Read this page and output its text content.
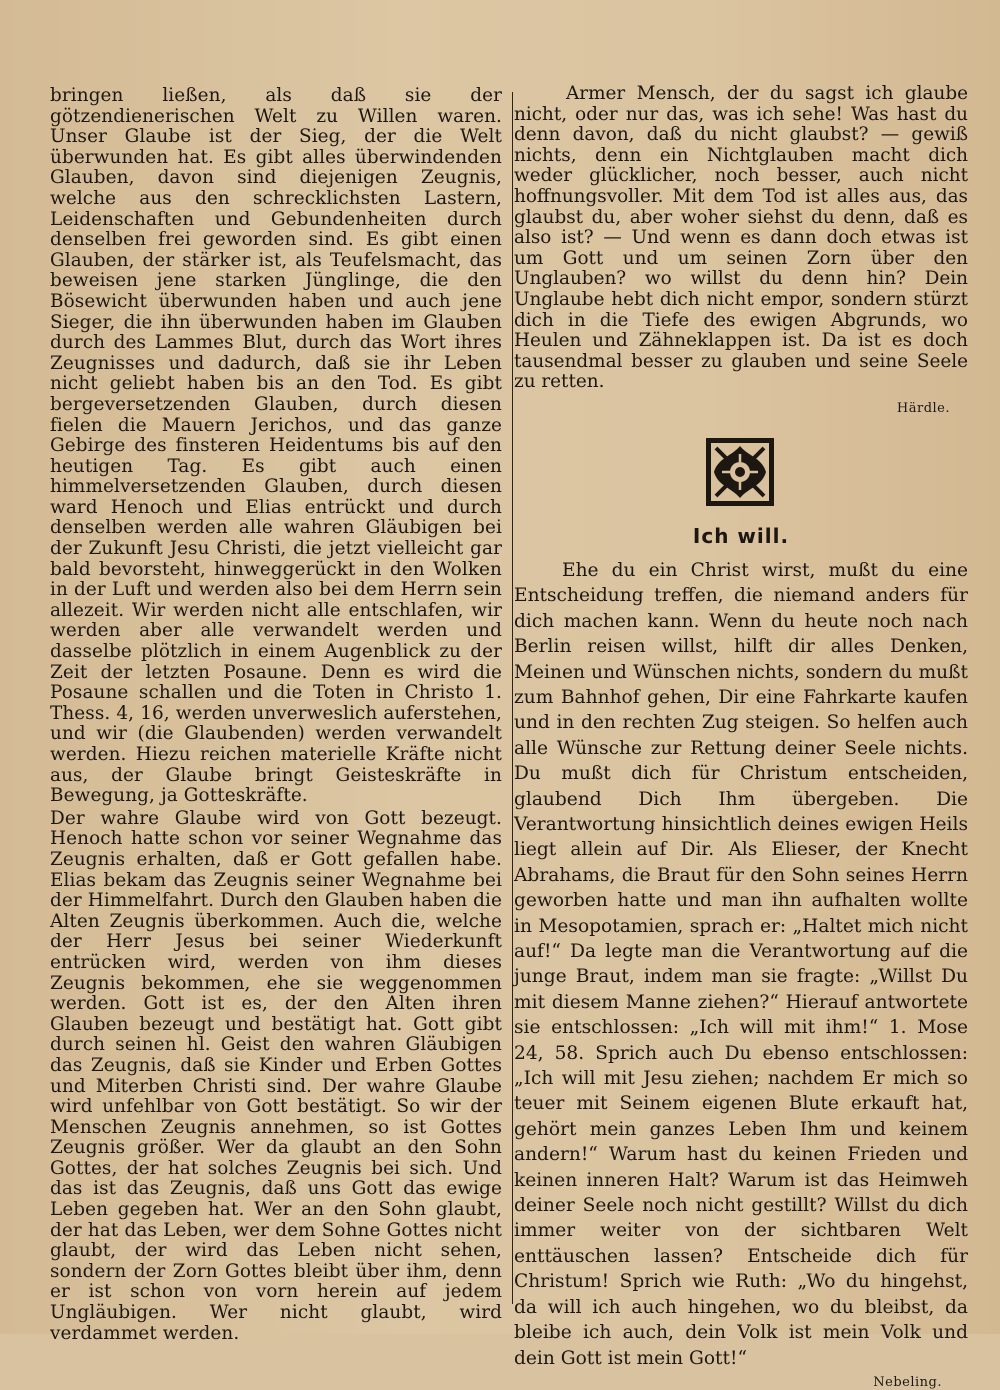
bringen ließen, als daß sie der götzendienerischen Welt zu Willen waren. Unser Glaube ist der Sieg, der die Welt überwunden hat. Es gibt alles überwindenden Glauben, davon sind diejenigen Zeugnis, welche aus den schrecklichsten Lastern, Leidenschaften und Gebundenheiten durch denselben frei geworden sind. Es gibt einen Glauben, der stärker ist, als Teufelsmacht, das beweisen jene starken Jünglinge, die den Bösewicht überwunden haben und auch jene Sieger, die ihn überwunden haben im Glauben durch des Lammes Blut, durch das Wort ihres Zeugnisses und dadurch, daß sie ihr Leben nicht geliebt haben bis an den Tod. Es gibt bergeversetzenden Glauben, durch diesen fielen die Mauern Jerichos, und das ganze Gebirge des finsteren Heidentums bis auf den heutigen Tag. Es gibt auch einen himmelversetzenden Glauben, durch diesen ward Henoch und Elias entrückt und durch denselben werden alle wahren Gläubigen bei der Zukunft Jesu Christi, die jetzt vielleicht gar bald bevorsteht, hinweggerückt in den Wolken in der Luft und werden also bei dem Herrn sein allezeit. Wir werden nicht alle entschlafen, wir werden aber alle verwandelt werden und dasselbe plötzlich in einem Augenblick zu der Zeit der letzten Posaune. Denn es wird die Posaune schallen und die Toten in Christo 1. Thess. 4, 16, werden unverweslich auferstehen, und wir (die Glaubenden) werden verwandelt werden. Hiezu reichen materielle Kräfte nicht aus, der Glaube bringt Geisteskräfte in Bewegung, ja Gotteskräfte.

Der wahre Glaube wird von Gott bezeugt. Henoch hatte schon vor seiner Wegnahme das Zeugnis erhalten, daß er Gott gefallen habe. Elias bekam das Zeugnis seiner Wegnahme bei der Himmelfahrt. Durch den Glauben haben die Alten Zeugnis überkommen. Auch die, welche der Herr Jesus bei seiner Wiederkunft entrücken wird, werden von ihm dieses Zeugnis bekommen, ehe sie weggenommen werden. Gott ist es, der den Alten ihren Glauben bezeugt und bestätigt hat. Gott gibt durch seinen hl. Geist den wahren Gläubigen das Zeugnis, daß sie Kinder und Erben Gottes und Miterben Christi sind. Der wahre Glaube wird unfehlbar von Gott bestätigt. So wir der Menschen Zeugnis annehmen, so ist Gottes Zeugnis größer. Wer da glaubt an den Sohn Gottes, der hat solches Zeugnis bei sich. Und das ist das Zeugnis, daß uns Gott das ewige Leben gegeben hat. Wer an den Sohn glaubt, der hat das Leben, wer dem Sohne Gottes nicht glaubt, der wird das Leben nicht sehen, sondern der Zorn Gottes bleibt über ihm, denn er ist schon von vorn herein auf jedem Ungläubigen. Wer nicht glaubt, wird verdammet werden.

Armer Mensch, der du sagst ich glaube nicht, oder nur das, was ich sehe! Was hast du denn davon, daß du nicht glaubst? — gewiß nichts, denn ein Nichtglauben macht dich weder glücklicher, noch besser, auch nicht hoffnungsvoller. Mit dem Tod ist alles aus, das glaubst du, aber woher siehst du denn, daß es also ist? — Und wenn es dann doch etwas ist um Gott und um seinen Zorn über den Unglauben? wo willst du denn hin? Dein Unglaube hebt dich nicht empor, sondern stürzt dich in die Tiefe des ewigen Abgrunds, wo Heulen und Zähneklappen ist. Da ist es doch tausendmal besser zu glauben und seine Seele zu retten.

Härdle.
Ich will.

Ehe du ein Christ wirst, mußt du eine Entscheidung treffen, die niemand anders für dich machen kann. Wenn du heute noch nach Berlin reisen willst, hilft dir alles Denken, Meinen und Wünschen nichts, sondern du mußt zum Bahnhof gehen, Dir eine Fahrkarte kaufen und in den rechten Zug steigen. So helfen auch alle Wünsche zur Rettung deiner Seele nichts. Du mußt dich für Christum entscheiden, glaubend Dich Ihm übergeben. Die Verantwortung hinsichtlich deines ewigen Heils liegt allein auf Dir. Als Elieser, der Knecht Abrahams, die Braut für den Sohn seines Herrn geworben hatte und man ihn aufhalten wollte in Mesopotamien, sprach er: „Haltet mich nicht auf!“ Da legte man die Verantwortung auf die junge Braut, indem man sie fragte: „Willst Du mit diesem Manne ziehen?“ Hierauf antwortete sie entschlossen: „Ich will mit ihm!“ 1. Mose 24, 58. Sprich auch Du ebenso entschlossen: „Ich will mit Jesu ziehen; nachdem Er mich so teuer mit Seinem eigenen Blute erkauft hat, gehört mein ganzes Leben Ihm und keinem andern!“ Warum hast du keinen Frieden und keinen inneren Halt? Warum ist das Heimweh deiner Seele noch nicht gestillt? Willst du dich immer weiter von der sichtbaren Welt enttäuschen lassen? Entscheide dich für Christum! Sprich wie Ruth: „Wo du hingehst, da will ich auch hingehen, wo du bleibst, da bleibe ich auch, dein Volk ist mein Volk und dein Gott ist mein Gott!“

Nebeling.
